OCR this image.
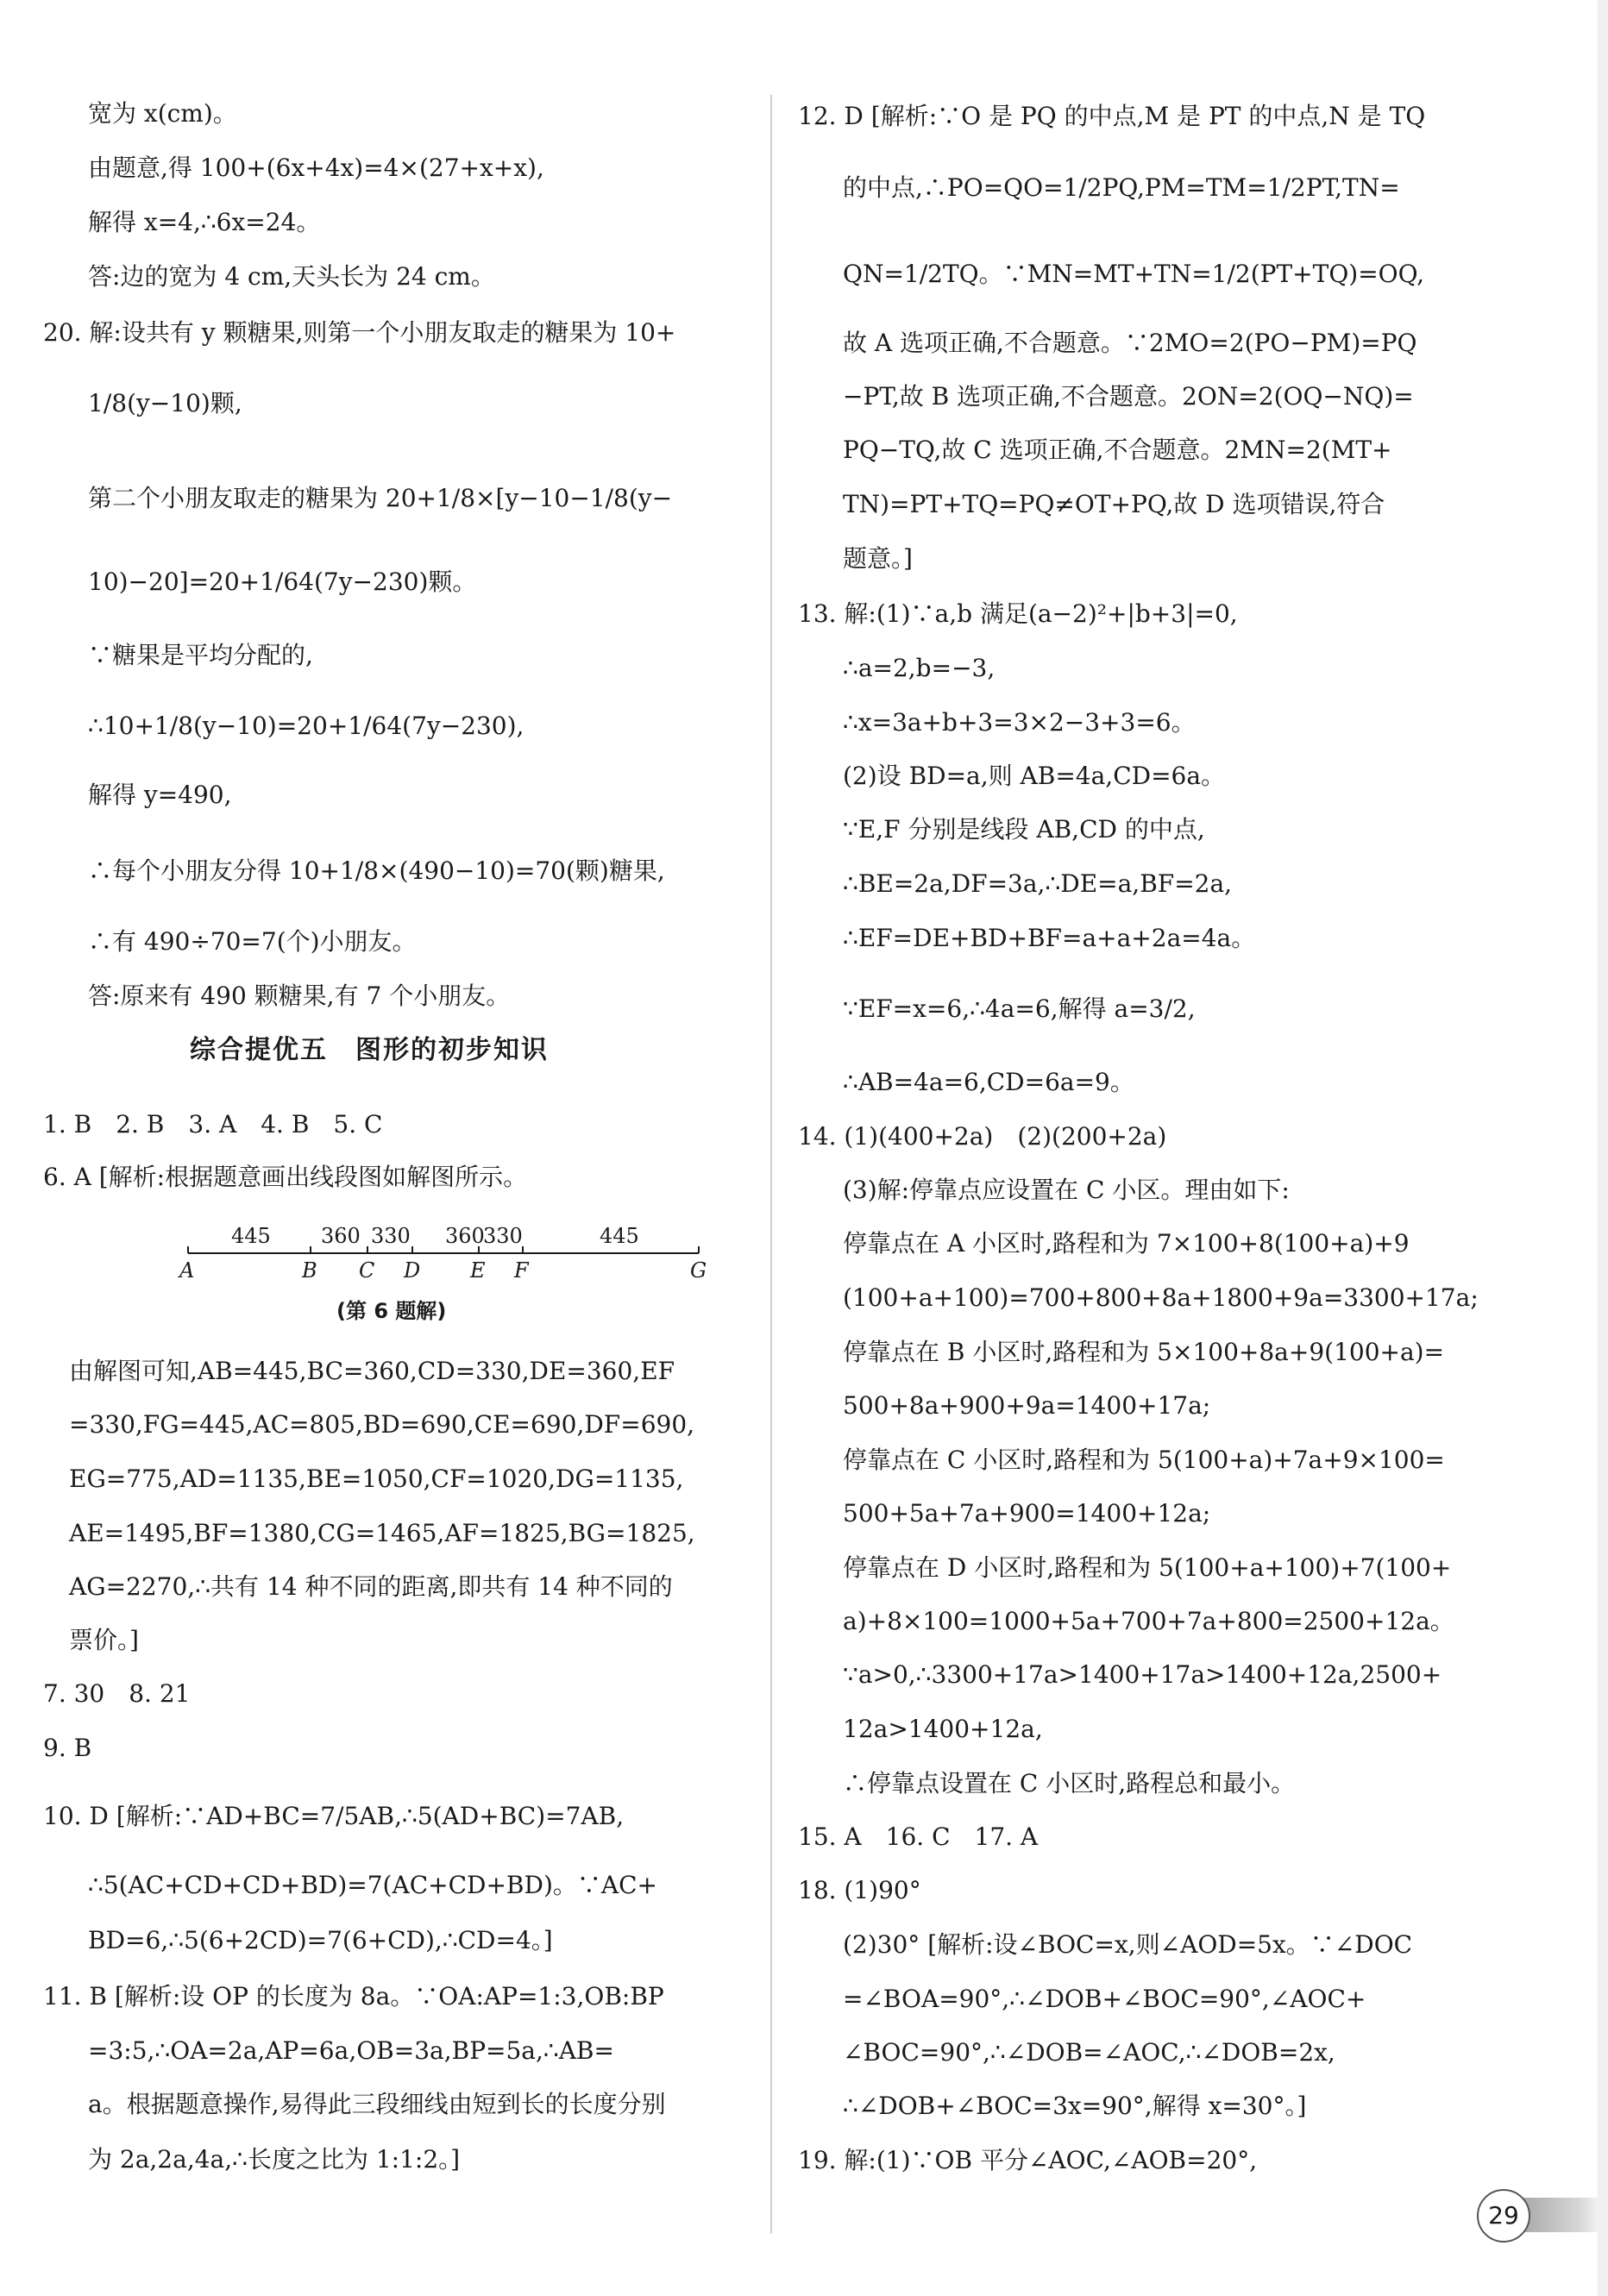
宽为 x(cm)。
由题意,得 100+(6x+4x)=4×(27+x+x),
解得 x=4,∴6x=24。
答:边的宽为 4 cm,天头长为 24 cm。
20. 解:设共有 y 颗糖果,则第一个小朋友取走的糖果为 10+
1/8(y−10)颗,
第二个小朋友取走的糖果为 20+1/8×[y−10−1/8(y−
10)−20]=20+1/64(7y−230)颗。
∵糖果是平均分配的,
∴10+1/8(y−10)=20+1/64(7y−230),
解得 y=490,
∴每个小朋友分得 10+1/8×(490−10)=70(颗)糖果,
∴有 490÷70=7(个)小朋友。
答:原来有 490 颗糖果,有 7 个小朋友。
综合提优五　图形的初步知识
1. B　2. B　3. A　4. B　5. C
6. A [解析:根据题意画出线段图如解图所示。
445 360 330 360
330	445
A	B C D E F	G
(第 6 题解)
由解图可知,AB=445,BC=360,CD=330,DE=360,EF
=330,FG=445,AC=805,BD=690,CE=690,DF=690,
EG=775,AD=1135,BE=1050,CF=1020,DG=1135,
AE=1495,BF=1380,CG=1465,AF=1825,BG=1825,
AG=2270,∴共有 14 种不同的距离,即共有 14 种不同的
票价。]
7. 30　8. 21
9. B
10. D [解析:∵AD+BC=7/5AB,∴5(AD+BC)=7AB,
∴5(AC+CD+CD+BD)=7(AC+CD+BD)。∵AC+
BD=6,∴5(6+2CD)=7(6+CD),∴CD=4。]
11. B [解析:设 OP 的长度为 8a。∵OA:AP=1:3,OB:BP
=3:5,∴OA=2a,AP=6a,OB=3a,BP=5a,∴AB=
a。根据题意操作,易得此三段细线由短到长的长度分别
为 2a,2a,4a,∴长度之比为 1:1:2。]
12. D [解析:∵O 是 PQ 的中点,M 是 PT 的中点,N 是 TQ
的中点,∴PO=QO=1/2PQ,PM=TM=1/2PT,TN=
QN=1/2TQ。∵MN=MT+TN=1/2(PT+TQ)=OQ,
故 A 选项正确,不合题意。∵2MO=2(PO−PM)=PQ
−PT,故 B 选项正确,不合题意。2ON=2(OQ−NQ)=
PQ−TQ,故 C 选项正确,不合题意。2MN=2(MT+
TN)=PT+TQ=PQ≠OT+PQ,故 D 选项错误,符合
题意。]
13. 解:(1)∵a,b 满足(a−2)²+|b+3|=0,
∴a=2,b=−3,
∴x=3a+b+3=3×2−3+3=6。
(2)设 BD=a,则 AB=4a,CD=6a。
∵E,F 分别是线段 AB,CD 的中点,
∴BE=2a,DF=3a,∴DE=a,BF=2a,
∴EF=DE+BD+BF=a+a+2a=4a。
∵EF=x=6,∴4a=6,解得 a=3/2,
∴AB=4a=6,CD=6a=9。
14. (1)(400+2a)　(2)(200+2a)
(3)解:停靠点应设置在 C 小区。理由如下:
停靠点在 A 小区时,路程和为 7×100+8(100+a)+9
(100+a+100)=700+800+8a+1800+9a=3300+17a;
停靠点在 B 小区时,路程和为 5×100+8a+9(100+a)=
500+8a+900+9a=1400+17a;
停靠点在 C 小区时,路程和为 5(100+a)+7a+9×100=
500+5a+7a+900=1400+12a;
停靠点在 D 小区时,路程和为 5(100+a+100)+7(100+
a)+8×100=1000+5a+700+7a+800=2500+12a。
∵a>0,∴3300+17a>1400+17a>1400+12a,2500+
12a>1400+12a,
∴停靠点设置在 C 小区时,路程总和最小。
15. A　16. C　17. A
18. (1)90°
(2)30° [解析:设∠BOC=x,则∠AOD=5x。∵∠DOC
=∠BOA=90°,∴∠DOB+∠BOC=90°,∠AOC+
∠BOC=90°,∴∠DOB=∠AOC,∴∠DOB=2x,
∴∠DOB+∠BOC=3x=90°,解得 x=30°。]
19. 解:(1)∵OB 平分∠AOC,∠AOB=20°,
29
